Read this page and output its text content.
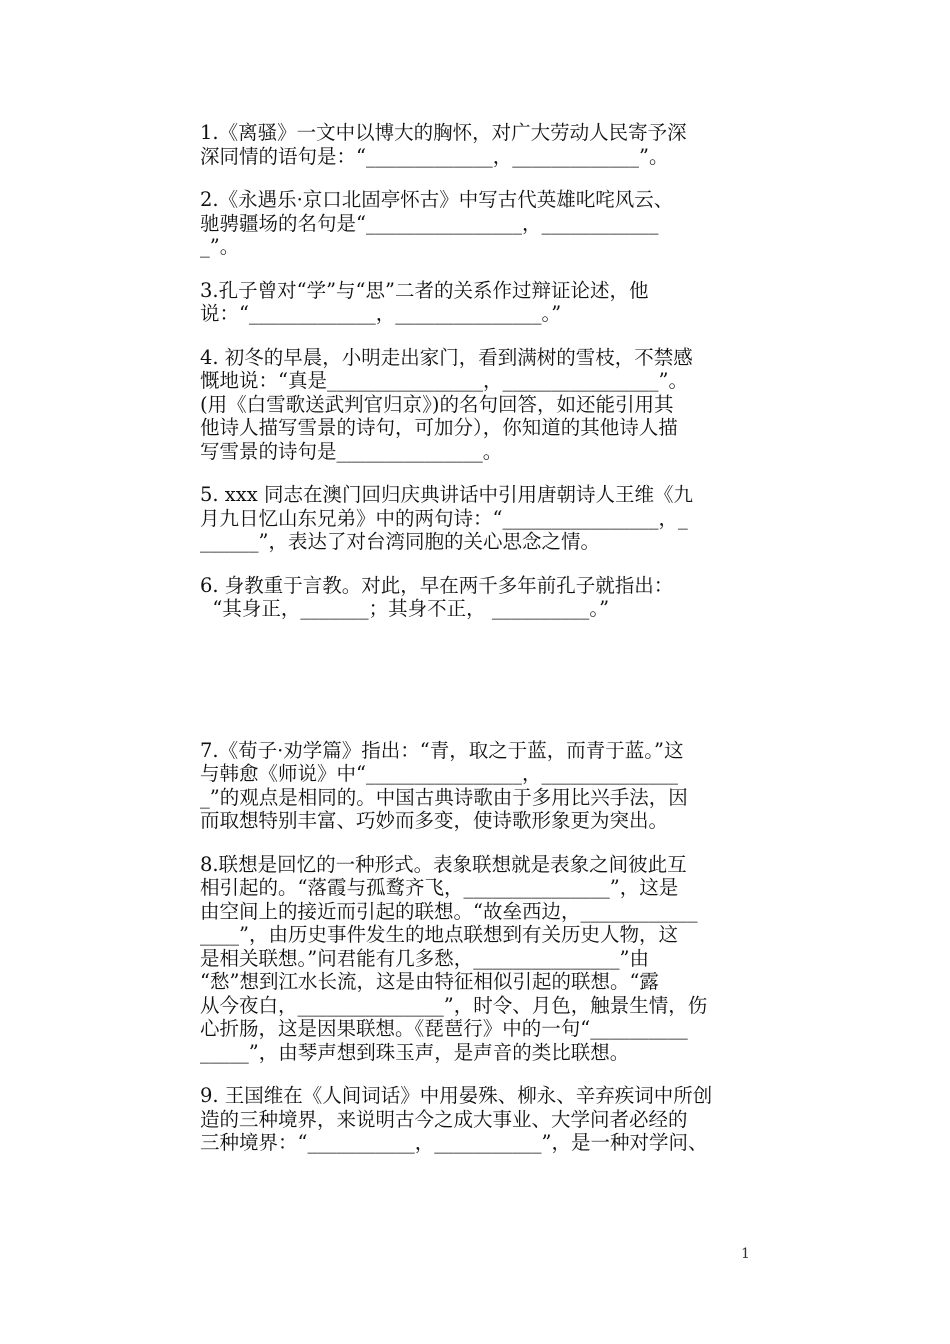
1.《离骚》一文中以博大的胸怀，对广大劳动人民寄予深
深同情的语句是：“_____________，_____________”。
2.《永遇乐·京口北固亭怀古》中写古代英雄叱咤风云、
驰骋疆场的名句是“________________，____________
_”。
3.孔子曾对“学”与“思”二者的关系作过辩证论述，他
说：“_____________，_______________。”
4. 初冬的早晨，小明走出家门，看到满树的雪枝，不禁感
慨地说：“真是________________，________________”。
(用《白雪歌送武判官归京》)的名句回答，如还能引用其
他诗人描写雪景的诗句，可加分），你知道的其他诗人描
写雪景的诗句是_______________。
5. xxx 同志在澳门回归庆典讲话中引用唐朝诗人王维《九
月九日忆山东兄弟》中的两句诗：“________________，_
______”，表达了对台湾同胞的关心思念之情。
6. 身教重于言教。对此，早在两千多年前孔子就指出：
“其身正，_______；其身不正， __________。”
7.《荀子·劝学篇》指出：“青，取之于蓝，而青于蓝。”这
与韩愈《师说》中“________________，______________
_”的观点是相同的。中国古典诗歌由于多用比兴手法，因
而取想特别丰富、巧妙而多变，使诗歌形象更为突出。
8.联想是回忆的一种形式。表象联想就是表象之间彼此互
相引起的。“落霞与孤鹜齐飞，_______________”，这是
由空间上的接近而引起的联想。“故垒西边，____________
____”，由历史事件发生的地点联想到有关历史人物，这
是相关联想。”问君能有几多愁，_______________”由
“愁”想到江水长流，这是由特征相似引起的联想。“露
从今夜白，_______________”，时令、月色，触景生情，伤
心折肠，这是因果联想。《琵琶行》中的一句“__________
_____”，由琴声想到珠玉声，是声音的类比联想。
9. 王国维在《人间词话》中用晏殊、柳永、辛弃疾词中所创
造的三种境界，来说明古今之成大事业、大学问者必经的
三种境界：“___________，___________”，是一种对学问、
1
